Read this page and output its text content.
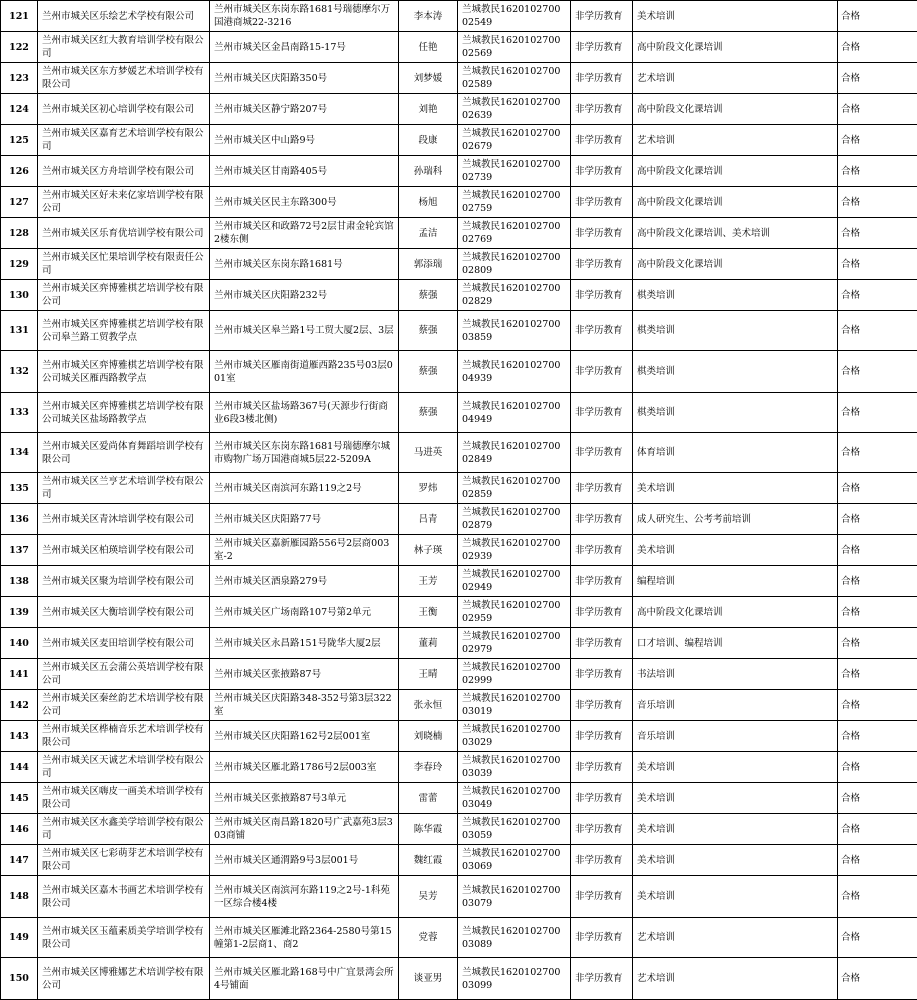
121	兰州市城关区乐绘艺术学校有限公司	兰州市城关区东岗东路1681号瑞德摩尔万国港商城22-3216	李本涛	兰城教民162010270002549	非学历教育	美术培训	合格
122	兰州市城关区红大教育培训学校有限公司	兰州市城关区金昌南路15-17号	任艳	兰城教民162010270002569	非学历教育	高中阶段文化课培训	合格
123	兰州市城关区东方梦媛艺术培训学校有限公司	兰州市城关区庆阳路350号	刘梦媛	兰城教民162010270002589	非学历教育	艺术培训	合格
124	兰州市城关区初心培训学校有限公司	兰州市城关区静宁路207号	刘艳	兰城教民162010270002639	非学历教育	高中阶段文化课培训	合格
125	兰州市城关区嘉育艺术培训学校有限公司	兰州市城关区中山路9号	段康	兰城教民162010270002679	非学历教育	艺术培训	合格
126	兰州市城关区方舟培训学校有限公司	兰州市城关区甘南路405号	孙瑞科	兰城教民162010270002739	非学历教育	高中阶段文化课培训	合格
127	兰州市城关区好未来亿家培训学校有限公司	兰州市城关区民主东路300号	杨旭	兰城教民162010270002759	非学历教育	高中阶段文化课培训	合格
128	兰州市城关区乐育优培训学校有限公司	兰州市城关区和政路72号2层甘肃金轮宾馆2楼东侧	孟洁	兰城教民162010270002769	非学历教育	高中阶段文化课培训、美术培训	合格
129	兰州市城关区忙果培训学校有限责任公司	兰州市城关区东岗东路1681号	郭添瑞	兰城教民162010270002809	非学历教育	高中阶段文化课培训	合格
130	兰州市城关区弈博雅棋艺培训学校有限公司	兰州市城关区庆阳路232号	蔡强	兰城教民162010270002829	非学历教育	棋类培训	合格
131	兰州市城关区弈博雅棋艺培训学校有限公司皋兰路工贸教学点	兰州市城关区皋兰路1号工贸大厦2层、3层	蔡强	兰城教民162010270003859	非学历教育	棋类培训	合格
132	兰州市城关区弈博雅棋艺培训学校有限公司城关区雁西路教学点	兰州市城关区雁南街道雁西路235号03层001室	蔡强	兰城教民162010270004939	非学历教育	棋类培训	合格
133	兰州市城关区弈博雅棋艺培训学校有限公司城关区盐场路教学点	兰州市城关区盐场路367号(天源步行街商业6段3楼北侧)	蔡强	兰城教民162010270004949	非学历教育	棋类培训	合格
134	兰州市城关区爱尚体育舞蹈培训学校有限公司	兰州市城关区东岗东路1681号瑞德摩尔城市购物广场万国港商城5层22-5209A	马进英	兰城教民162010270002849	非学历教育	体育培训	合格
135	兰州市城关区兰亨艺术培训学校有限公司	兰州市城关区南滨河东路119之2号	罗炜	兰城教民162010270002859	非学历教育	美术培训	合格
136	兰州市城关区青沐培训学校有限公司	兰州市城关区庆阳路77号	吕青	兰城教民162010270002879	非学历教育	成人研究生、公考考前培训	合格
137	兰州市城关区柏瑛培训学校有限公司	兰州市城关区嘉新雁园路556号2层商003室-2	林子瑛	兰城教民162010270002939	非学历教育	美术培训	合格
138	兰州市城关区聚为培训学校有限公司	兰州市城关区酒泉路279号	王芳	兰城教民162010270002949	非学历教育	编程培训	合格
139	兰州市城关区大衡培训学校有限公司	兰州市城关区广场南路107号第2单元	王衡	兰城教民162010270002959	非学历教育	高中阶段文化课培训	合格
140	兰州市城关区麦田培训学校有限公司	兰州市城关区永昌路151号陇华大厦2层	董莉	兰城教民162010270002979	非学历教育	口才培训、编程培训	合格
141	兰州市城关区五会蒲公英培训学校有限公司	兰州市城关区张掖路87号	王晴	兰城教民162010270002999	非学历教育	书法培训	合格
142	兰州市城关区秦丝韵艺术培训学校有限公司	兰州市城关区庆阳路348-352号第3层322室	张永恒	兰城教民162010270003019	非学历教育	音乐培训	合格
143	兰州市城关区桦楠音乐艺术培训学校有限公司	兰州市城关区庆阳路162号2层001室	刘晓楠	兰城教民162010270003029	非学历教育	音乐培训	合格
144	兰州市城关区天诚艺术培训学校有限公司	兰州市城关区雁北路1786号2层003室	李春玲	兰城教民162010270003039	非学历教育	美术培训	合格
145	兰州市城关区嗨皮一画美术培训学校有限公司	兰州市城关区张掖路87号3单元	雷蕾	兰城教民162010270003049	非学历教育	美术培训	合格
146	兰州市城关区水鑫美学培训学校有限公司	兰州市城关区南昌路1820号广武嘉苑3层303商铺	陈华霞	兰城教民162010270003059	非学历教育	美术培训	合格
147	兰州市城关区七彩萌芽艺术培训学校有限公司	兰州市城关区通渭路9号3层001号	魏红霞	兰城教民162010270003069	非学历教育	美术培训	合格
148	兰州市城关区嘉木书画艺术培训学校有限公司	兰州市城关区南滨河东路119之2号-1科苑一区综合楼4楼	吴芳	兰城教民162010270003079	非学历教育	美术培训	合格
149	兰州市城关区玉蕴素质美学培训学校有限公司	兰州市城关区雁滩北路2364-2580号第15幢第1-2层商1、商2	党蓉	兰城教民162010270003089	非学历教育	艺术培训	合格
150	兰州市城关区博雅娜艺术培训学校有限公司	兰州市城关区雁北路168号中广宜景湾会所4号铺面	谈亚男	兰城教民162010270003099	非学历教育	艺术培训	合格
